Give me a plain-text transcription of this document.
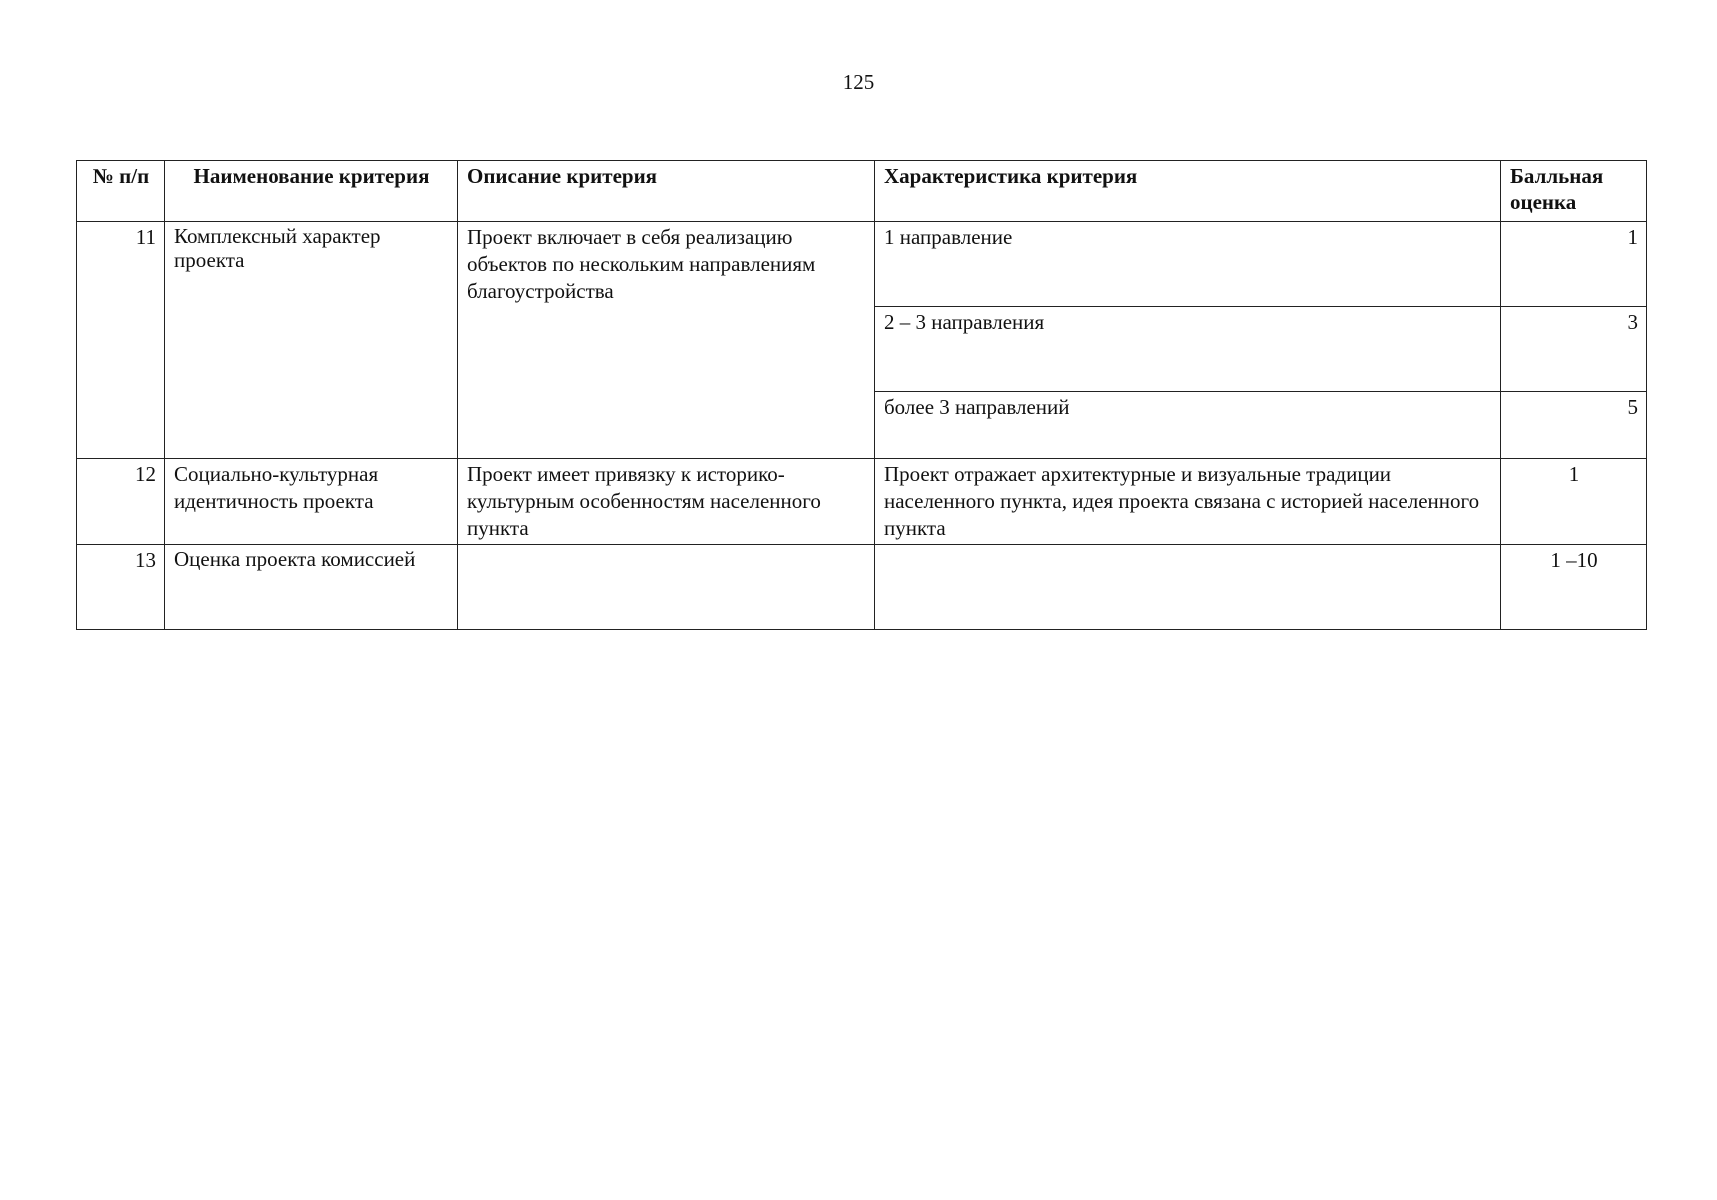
125
№ п/п	Наименование критерия	Описание критерия	Характеристика критерия	Балльная оценка
11	Комплексный характер проекта	Проект включает в себя реализацию объектов по нескольким направлениям благоустройства	1 направление	1
			2 – 3 направления	3
			более 3 направлений	5
12	Социально-культурная идентичность проекта	Проект имеет привязку к историко-культурным особенностям населенного пункта	Проект отражает архитектурные и визуальные традиции населенного пункта, идея проекта связана с историей населенного пункта	1
13	Оценка проекта комиссией			1 –10
